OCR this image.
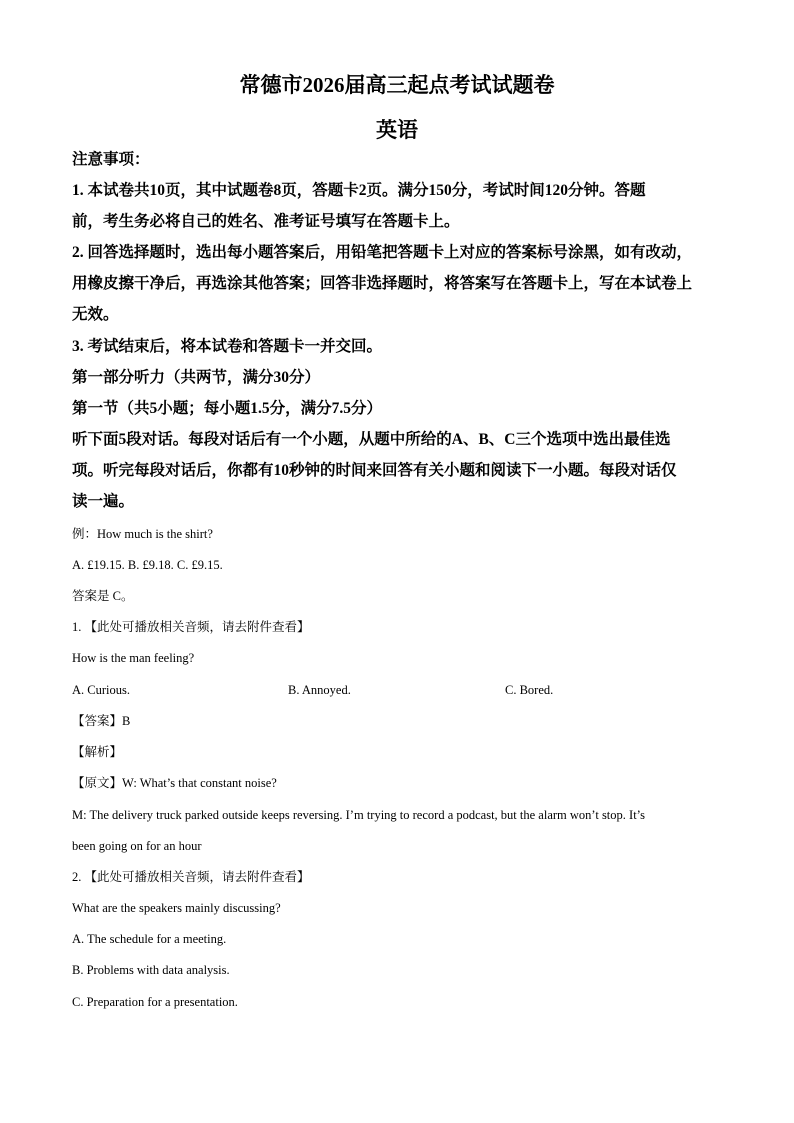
常德市2026届高三起点考试试题卷
英语
注意事项：
1. 本试卷共10页，其中试题卷8页，答题卡2页。满分150分，考试时间120分钟。答题
前，考生务必将自己的姓名、准考证号填写在答题卡上。
2. 回答选择题时，选出每小题答案后，用铅笔把答题卡上对应的答案标号涂黑，如有改动，
用橡皮擦干净后，再选涂其他答案；回答非选择题时，将答案写在答题卡上，写在本试卷上
无效。
3. 考试结束后，将本试卷和答题卡一并交回。
第一部分听力（共两节，满分30分）
第一节（共5小题；每小题1.5分，满分7.5分）
听下面5段对话。每段对话后有一个小题，从题中所给的A、B、C三个选项中选出最佳选
项。听完每段对话后，你都有10秒钟的时间来回答有关小题和阅读下一小题。每段对话仅
读一遍。
例：How much is the shirt?
A. £19.15. B. £9.18. C. £9.15.
答案是 C。
1. 【此处可播放相关音频，请去附件查看】
How is the man feeling?
A. Curious.	B. Annoyed.	C. Bored.
【答案】B
【解析】
【原文】W: What’s that constant noise?
M: The delivery truck parked outside keeps reversing. I’m trying to record a podcast, but the alarm won’t stop. It’s
been going on for an hour
2. 【此处可播放相关音频，请去附件查看】
What are the speakers mainly discussing?
A. The schedule for a meeting.
B. Problems with data analysis.
C. Preparation for a presentation.
